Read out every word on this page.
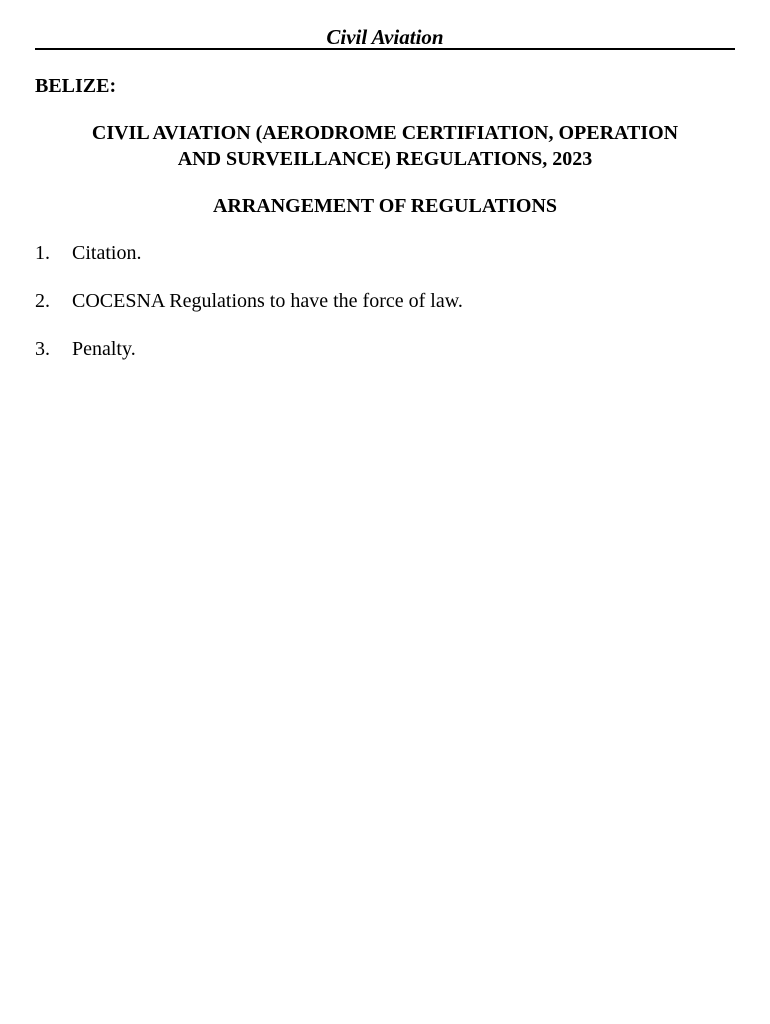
Civil Aviation
BELIZE:
CIVIL AVIATION (AERODROME CERTIFIATION, OPERATION
AND SURVEILLANCE) REGULATIONS, 2023
ARRANGEMENT OF REGULATIONS
1.	Citation.
2.	COCESNA Regulations to have the force of law.
3.	Penalty.
